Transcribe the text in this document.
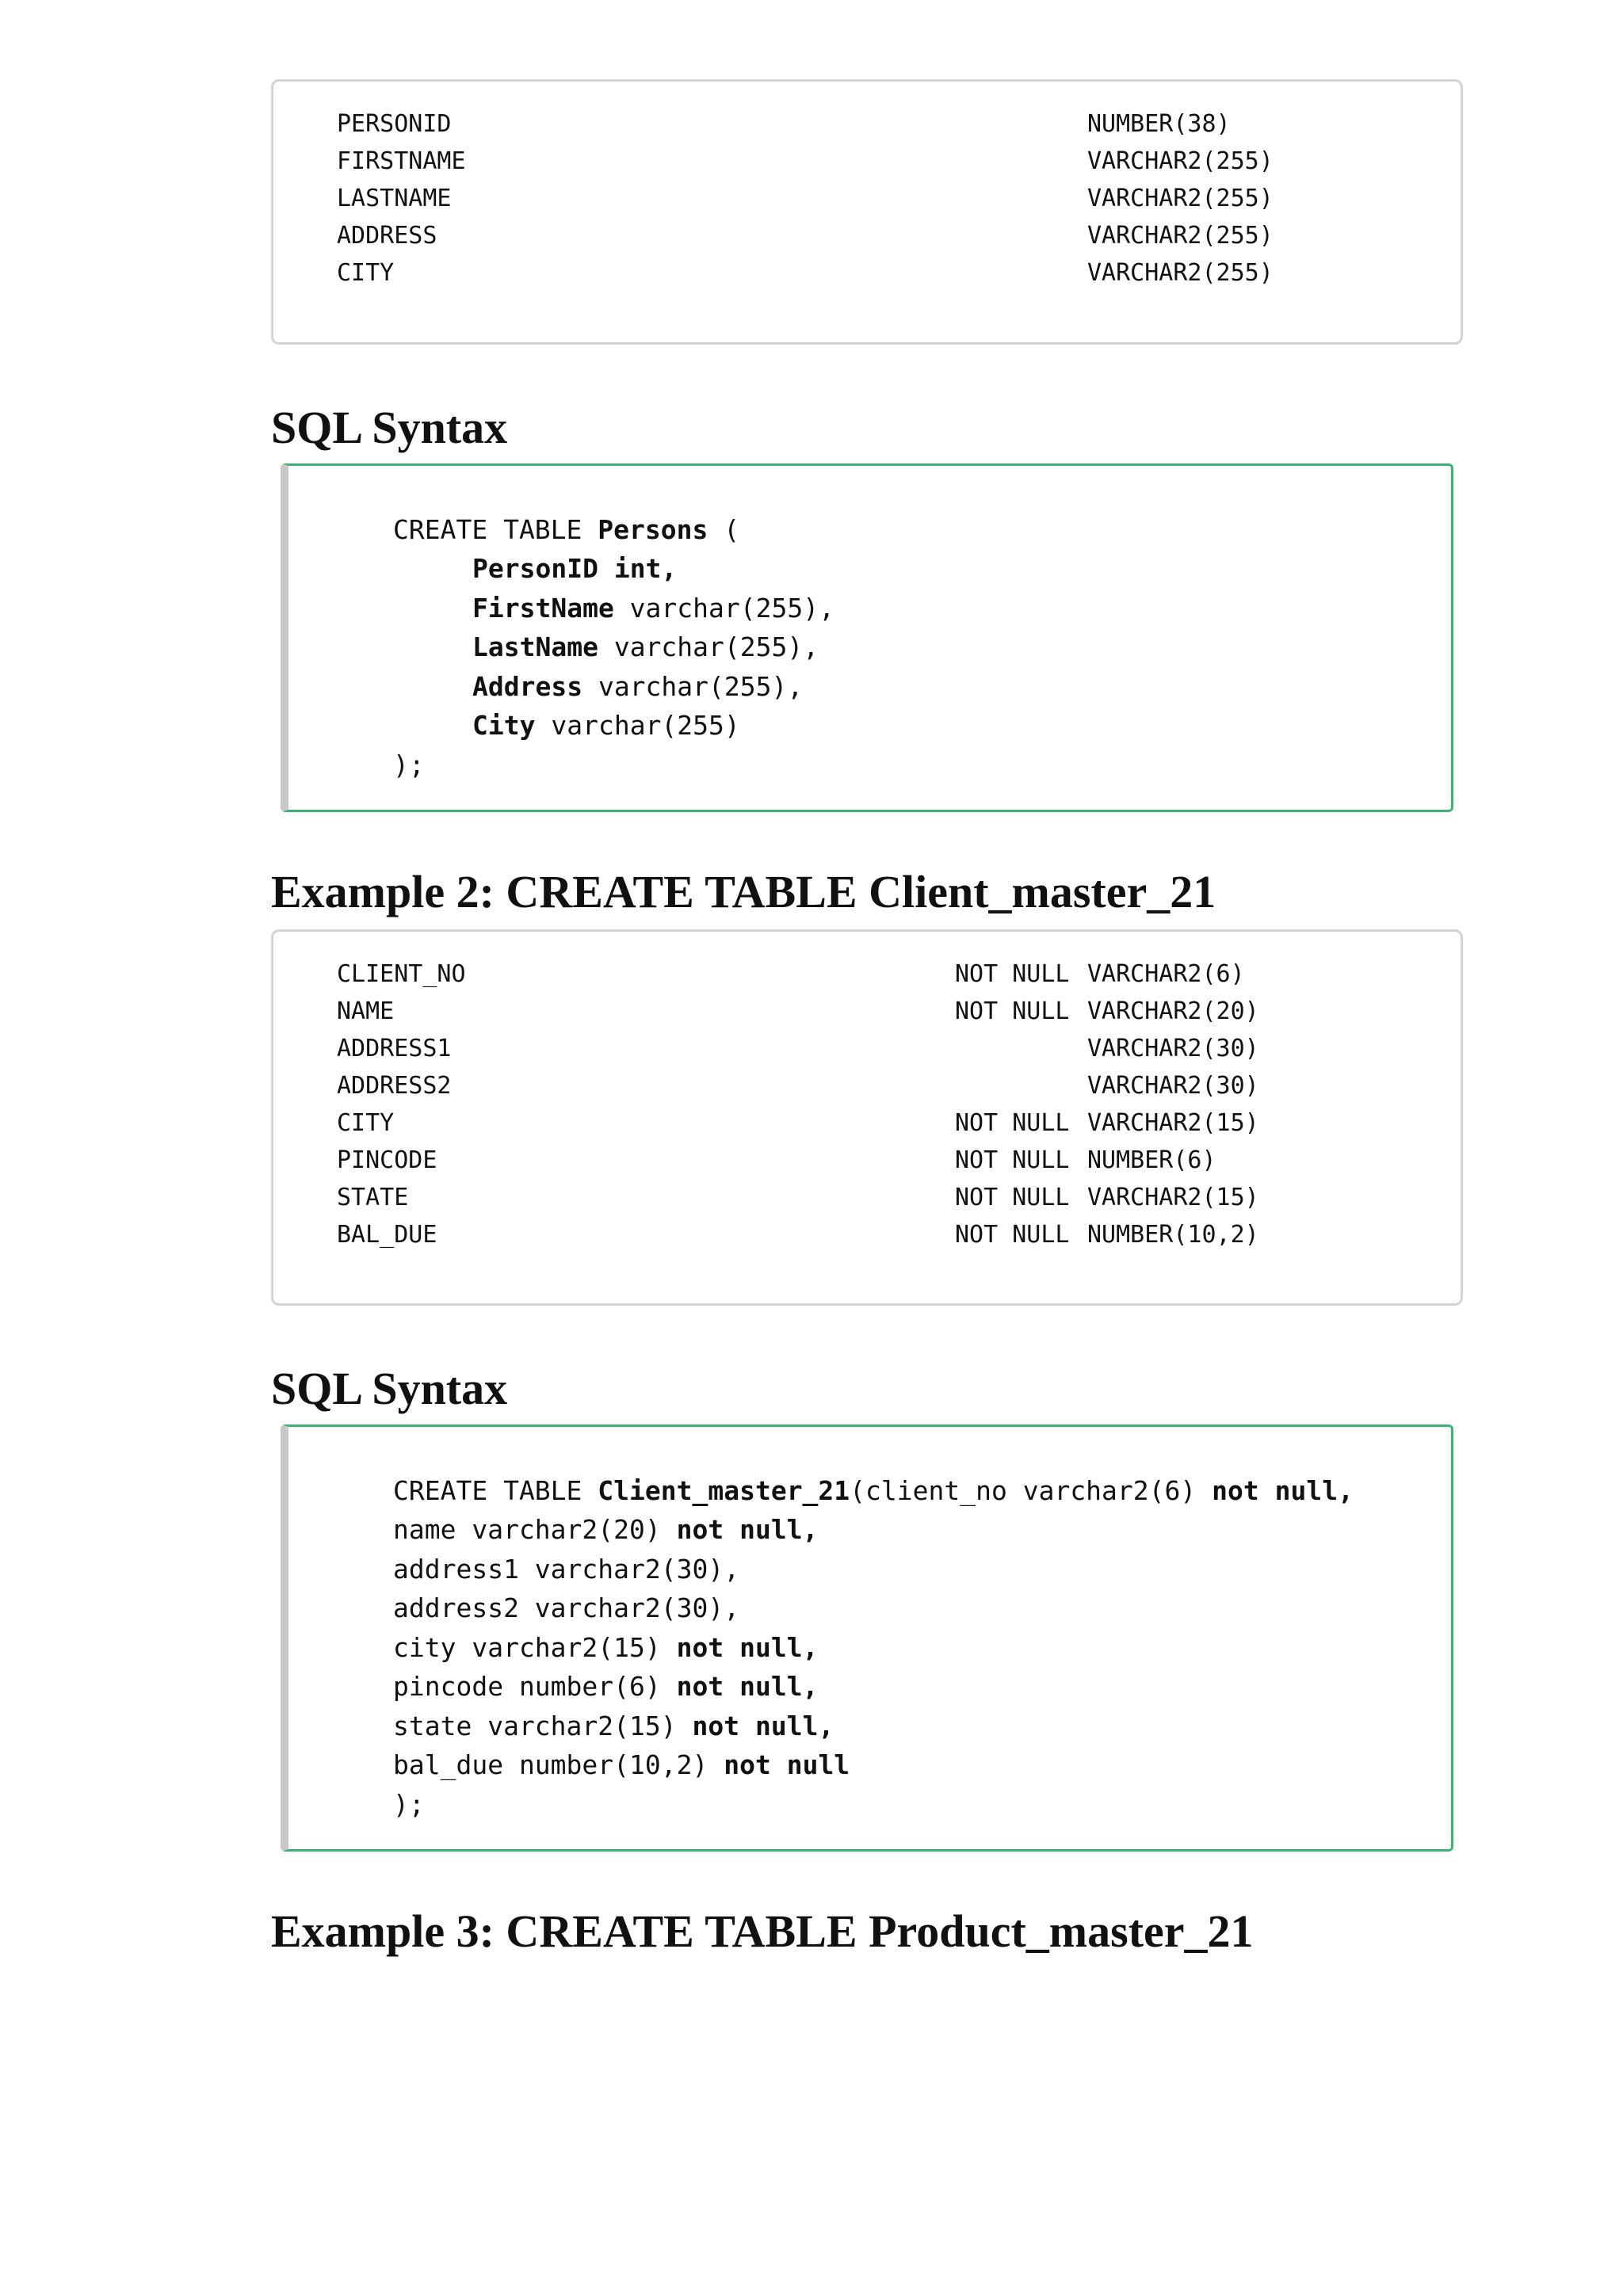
PERSONID	NUMBER(38)
FIRSTNAME	VARCHAR2(255)
LASTNAME	VARCHAR2(255)
ADDRESS	VARCHAR2(255)
CITY	VARCHAR2(255)
SQL Syntax

CREATE TABLE Persons (
PersonID int,
FirstName varchar(255),
LastName varchar(255),
Address varchar(255),
City varchar(255)
);
Example 2: CREATE TABLE Client_master_21
CLIENT_NO	NOT NULL VARCHAR2(6)
NAME	NOT NULL VARCHAR2(20)
ADDRESS1	VARCHAR2(30)
ADDRESS2	VARCHAR2(30)
CITY	NOT NULL VARCHAR2(15)
PINCODE	NOT NULL NUMBER(6)
STATE	NOT NULL VARCHAR2(15)
BAL_DUE	NOT NULL NUMBER(10,2)
SQL Syntax

CREATE TABLE Client_master_21(client_no varchar2(6) not null,
name varchar2(20) not null,
address1 varchar2(30),
address2 varchar2(30),
city varchar2(15) not null,
pincode number(6) not null,
state varchar2(15) not null,
bal_due number(10,2) not null
);
Example 3: CREATE TABLE Product_master_21
